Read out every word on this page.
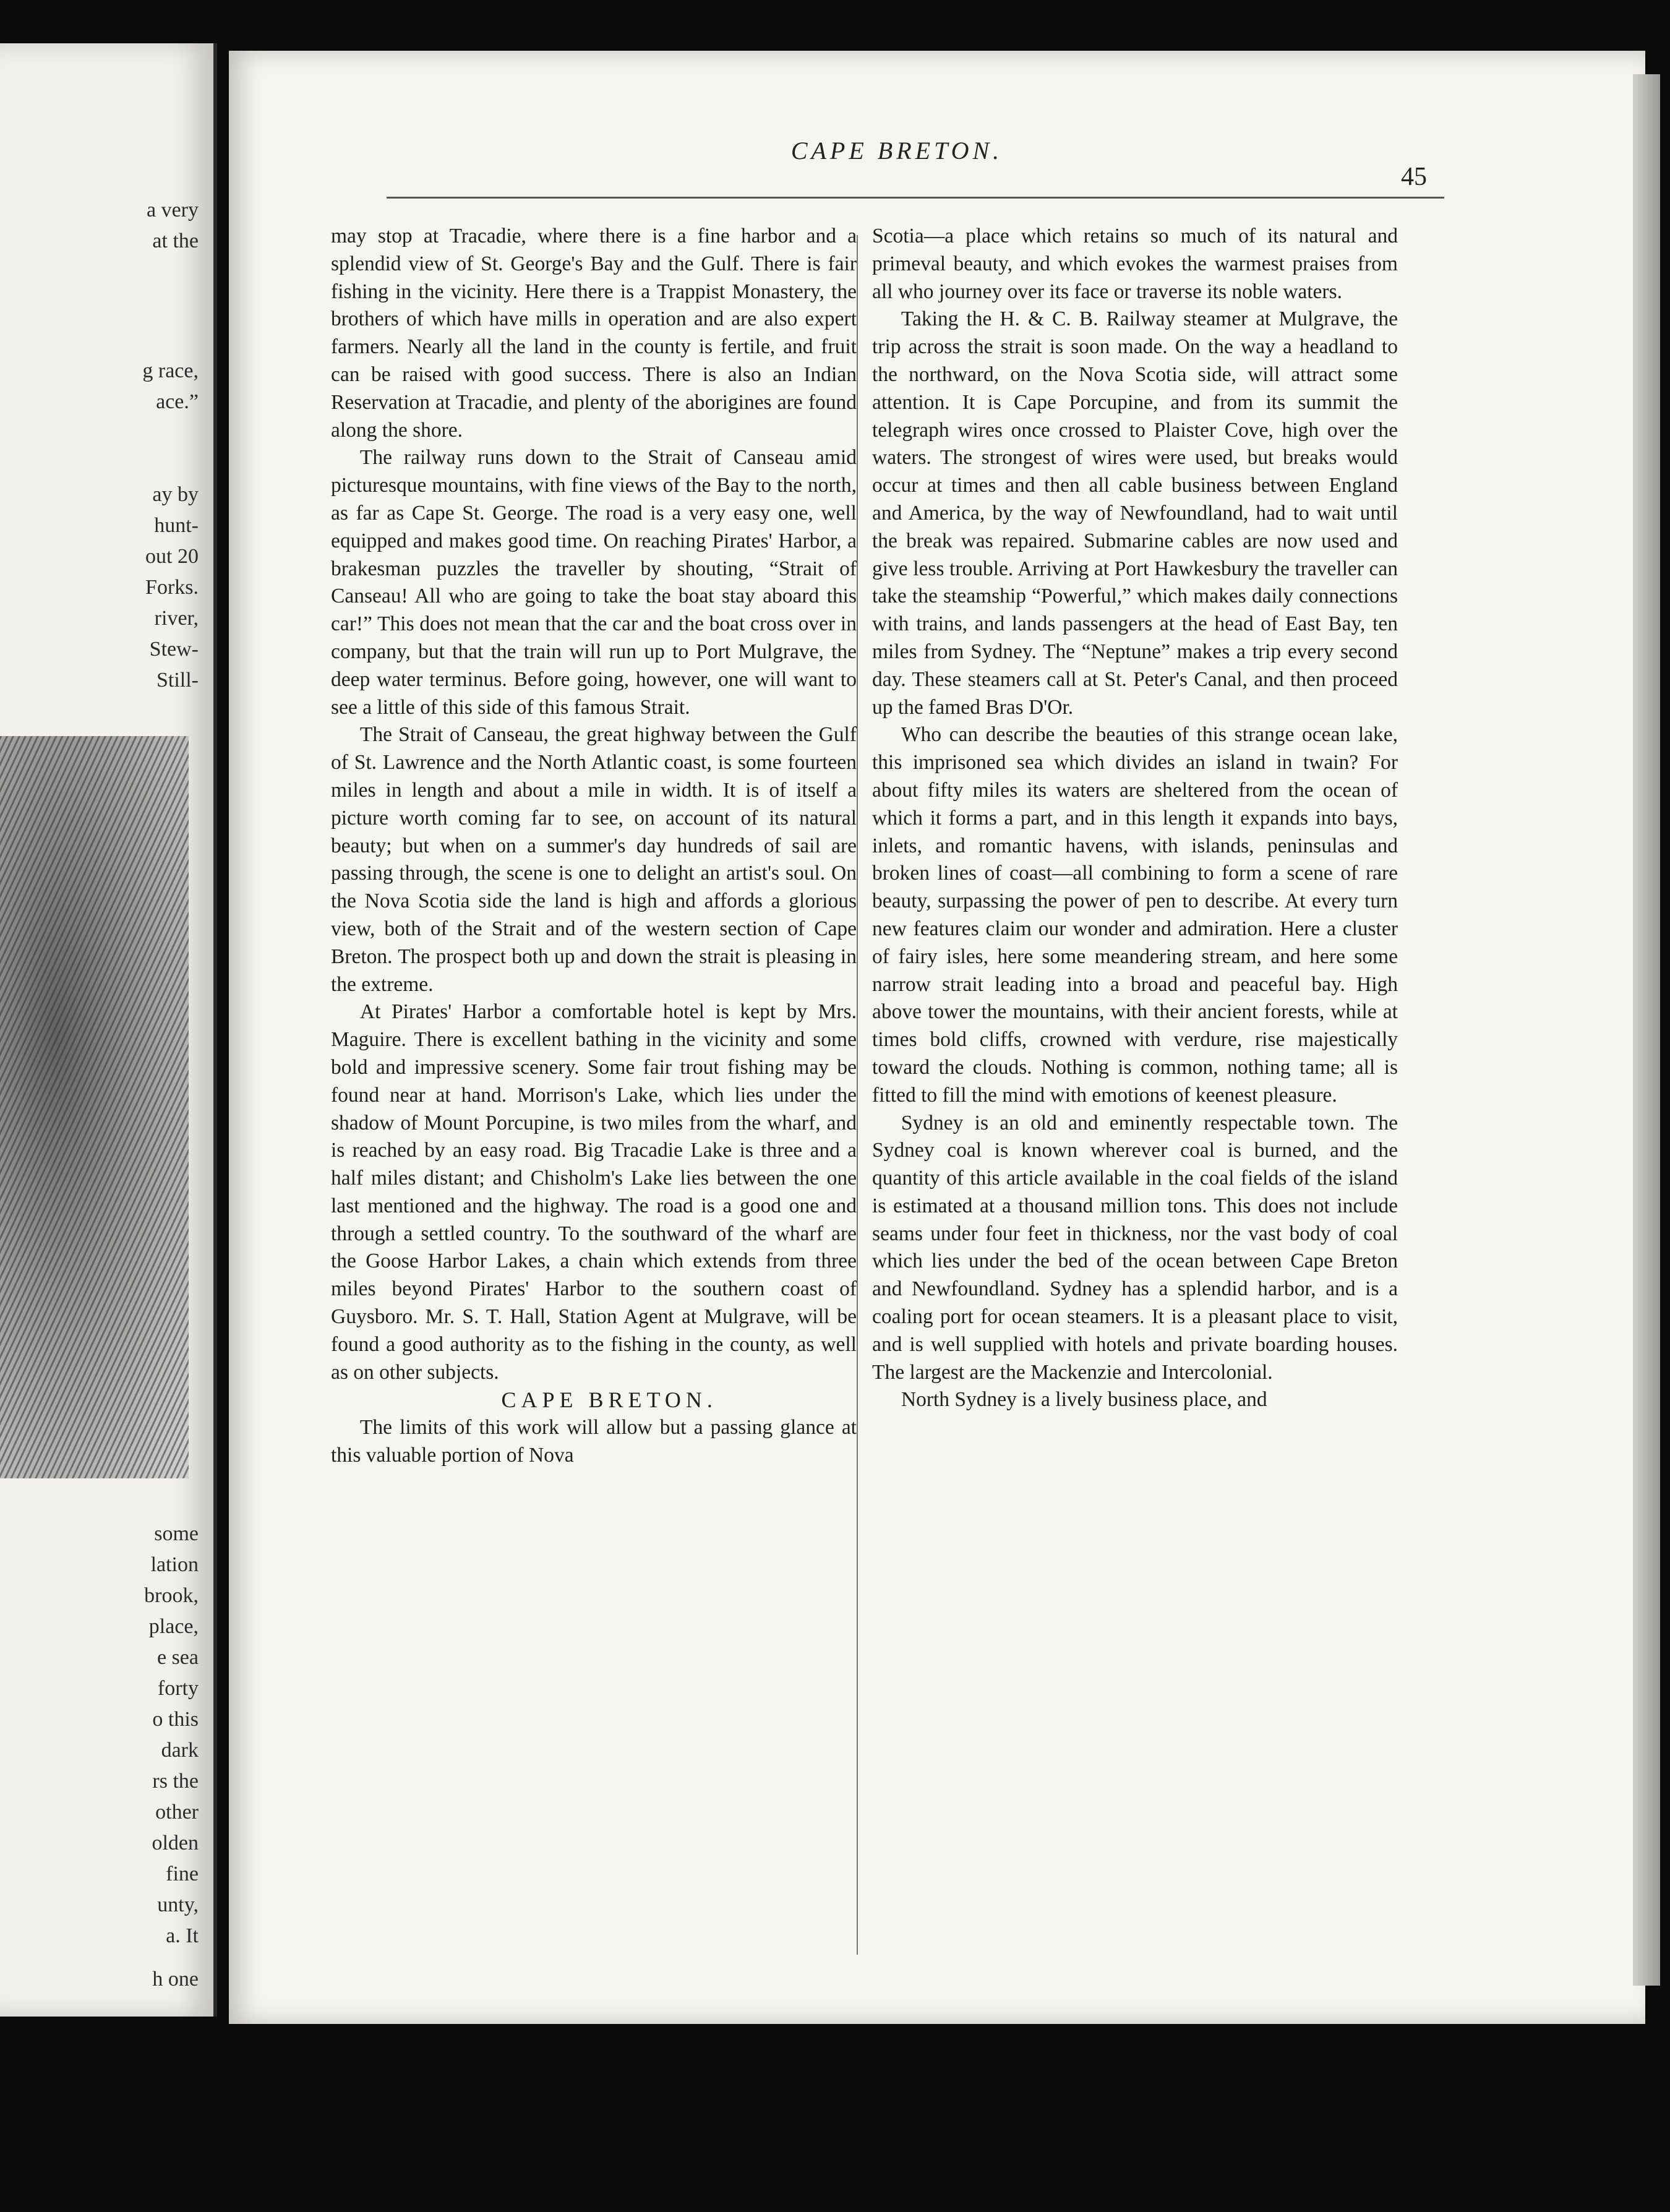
a very

at the

g race,

ace.”

ay by

hunt-

out 20

Forks.

river,

Stew-

Still-

some

lation

brook,

place,

e sea

forty

o this

dark

rs the

other

olden

fine

unty,

a. It

h one

CAPE BRETON.

45

may stop at Tracadie, where there is a fine harbor and a splendid view of St. George's Bay and the Gulf. There is fair fishing in the vicinity. Here there is a Trappist Monastery, the brothers of which have mills in operation and are also expert farmers. Nearly all the land in the county is fertile, and fruit can be raised with good success. There is also an Indian Reservation at Tracadie, and plenty of the aborigines are found along the shore.

The railway runs down to the Strait of Canseau amid picturesque mountains, with fine views of the Bay to the north, as far as Cape St. George. The road is a very easy one, well equipped and makes good time. On reaching Pirates' Harbor, a brakesman puzzles the traveller by shouting, “Strait of Canseau! All who are going to take the boat stay aboard this car!” This does not mean that the car and the boat cross over in company, but that the train will run up to Port Mulgrave, the deep water terminus. Before going, however, one will want to see a little of this side of this famous Strait.

The Strait of Canseau, the great highway between the Gulf of St. Lawrence and the North Atlantic coast, is some fourteen miles in length and about a mile in width. It is of itself a picture worth coming far to see, on account of its natural beauty; but when on a summer's day hundreds of sail are passing through, the scene is one to delight an artist's soul. On the Nova Scotia side the land is high and affords a glorious view, both of the Strait and of the western section of Cape Breton. The prospect both up and down the strait is pleasing in the extreme.

At Pirates' Harbor a comfortable hotel is kept by Mrs. Maguire. There is excellent bathing in the vicinity and some bold and impressive scenery. Some fair trout fishing may be found near at hand. Morrison's Lake, which lies under the shadow of Mount Porcupine, is two miles from the wharf, and is reached by an easy road. Big Tracadie Lake is three and a half miles distant; and Chisholm's Lake lies between the one last mentioned and the highway. The road is a good one and through a settled country. To the southward of the wharf are the Goose Harbor Lakes, a chain which extends from three miles beyond Pirates' Harbor to the southern coast of Guysboro. Mr. S. T. Hall, Station Agent at Mulgrave, will be found a good authority as to the fishing in the county, as well as on other subjects.

CAPE BRETON.

The limits of this work will allow but a passing glance at this valuable portion of Nova

Scotia—a place which retains so much of its natural and primeval beauty, and which evokes the warmest praises from all who journey over its face or traverse its noble waters.

Taking the H. & C. B. Railway steamer at Mulgrave, the trip across the strait is soon made. On the way a headland to the northward, on the Nova Scotia side, will attract some attention. It is Cape Porcupine, and from its summit the telegraph wires once crossed to Plaister Cove, high over the waters. The strongest of wires were used, but breaks would occur at times and then all cable business between England and America, by the way of Newfoundland, had to wait until the break was repaired. Submarine cables are now used and give less trouble. Arriving at Port Hawkesbury the traveller can take the steamship “Powerful,” which makes daily connections with trains, and lands passengers at the head of East Bay, ten miles from Sydney. The “Neptune” makes a trip every second day. These steamers call at St. Peter's Canal, and then proceed up the famed Bras D'Or.

Who can describe the beauties of this strange ocean lake, this imprisoned sea which divides an island in twain? For about fifty miles its waters are sheltered from the ocean of which it forms a part, and in this length it expands into bays, inlets, and romantic havens, with islands, peninsulas and broken lines of coast—all combining to form a scene of rare beauty, surpassing the power of pen to describe. At every turn new features claim our wonder and admiration. Here a cluster of fairy isles, here some meandering stream, and here some narrow strait leading into a broad and peaceful bay. High above tower the mountains, with their ancient forests, while at times bold cliffs, crowned with verdure, rise majestically toward the clouds. Nothing is common, nothing tame; all is fitted to fill the mind with emotions of keenest pleasure.

Sydney is an old and eminently respectable town. The Sydney coal is known wherever coal is burned, and the quantity of this article available in the coal fields of the island is estimated at a thousand million tons. This does not include seams under four feet in thickness, nor the vast body of coal which lies under the bed of the ocean between Cape Breton and Newfoundland. Sydney has a splendid harbor, and is a coaling port for ocean steamers. It is a pleasant place to visit, and is well supplied with hotels and private boarding houses. The largest are the Mackenzie and Intercolonial.

North Sydney is a lively business place, and
